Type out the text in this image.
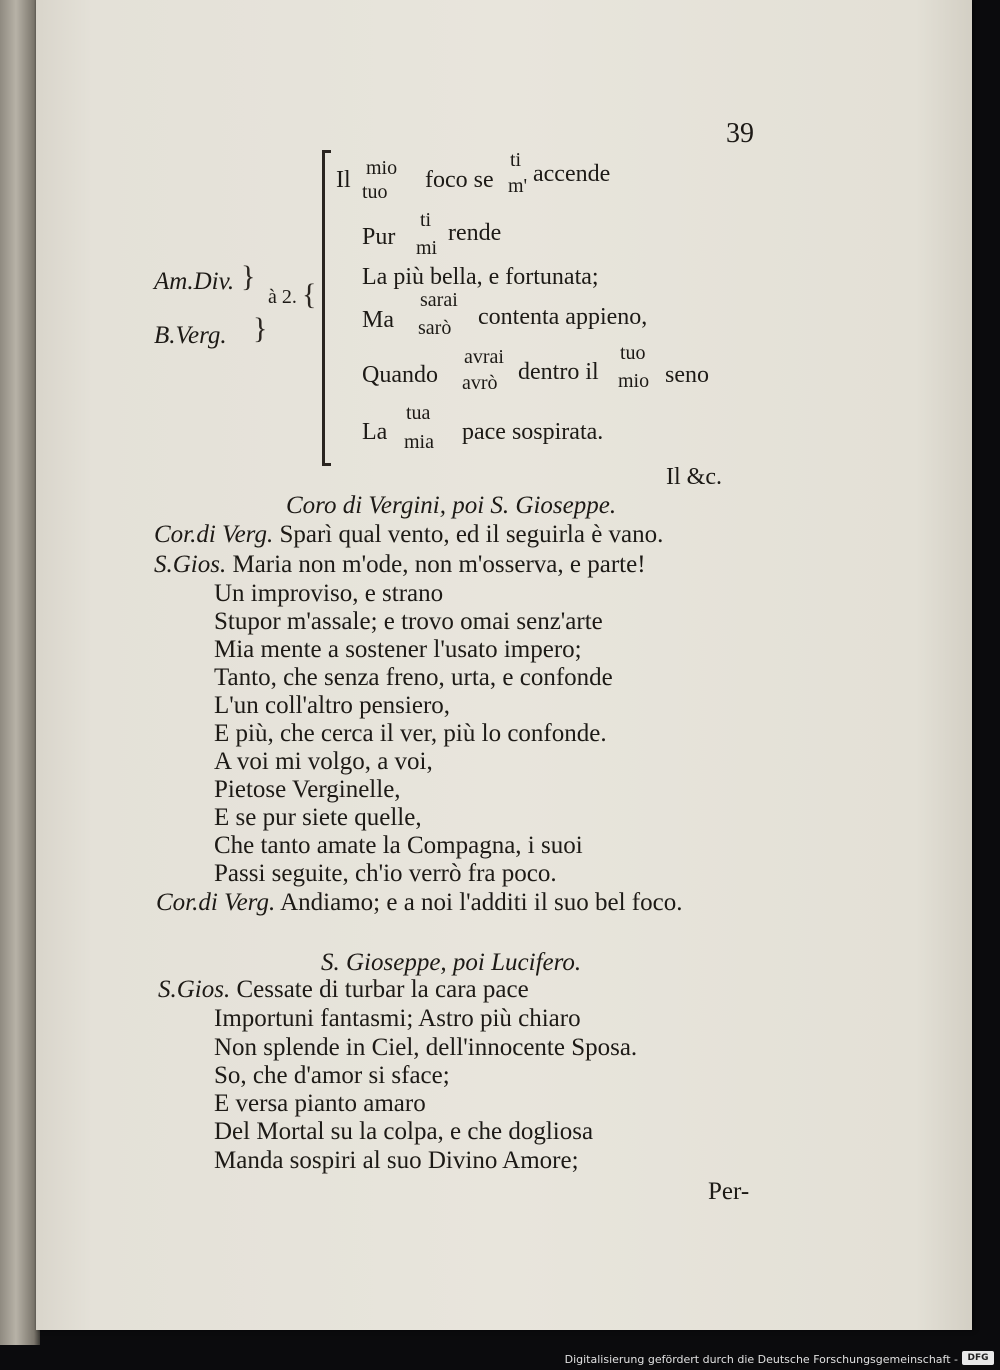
39
Am.Div.
B.Verg.
}
}
à 2. {
Il mio
tuo foco se
ti
m' accende
Pur
ti
mi
rende
La più bella, e fortunata;
Ma
sarai
sarò contenta appieno,
Quando
avrai
avrò dentro il
tuo
mio seno
La
tua
mia pace sospirata.
Il &c.
Coro di Vergini, poi S. Gioseppe.
Cor.di Verg. Sparì qual vento, ed il seguirla è vano.
S.Gios. Maria non m'ode, non m'osserva, e parte!
Un improviso, e strano
Stupor m'assale; e trovo omai senz'arte
Mia mente a sostener l'usato impero;
Tanto, che senza freno, urta, e confonde
L'un coll'altro pensiero,
E più, che cerca il ver, più lo confonde.
A voi mi volgo, a voi,
Pietose Verginelle,
E se pur siete quelle,
Che tanto amate la Compagna, i suoi
Passi seguite, ch'io verrò fra poco.
Cor.di Verg. Andiamo; e a noi l'additi il suo bel foco.
S. Gioseppe, poi Lucifero.
S.Gios. Cessate di turbar la cara pace
Importuni fantasmi; Astro più chiaro
Non splende in Ciel, dell'innocente Sposa.
So, che d'amor si sface;
E versa pianto amaro
Del Mortal su la colpa, e che dogliosa
Manda sospiri al suo Divino Amore;
Per-
Digitalisierung gefördert durch die Deutsche Forschungsgemeinschaft -	DFG
